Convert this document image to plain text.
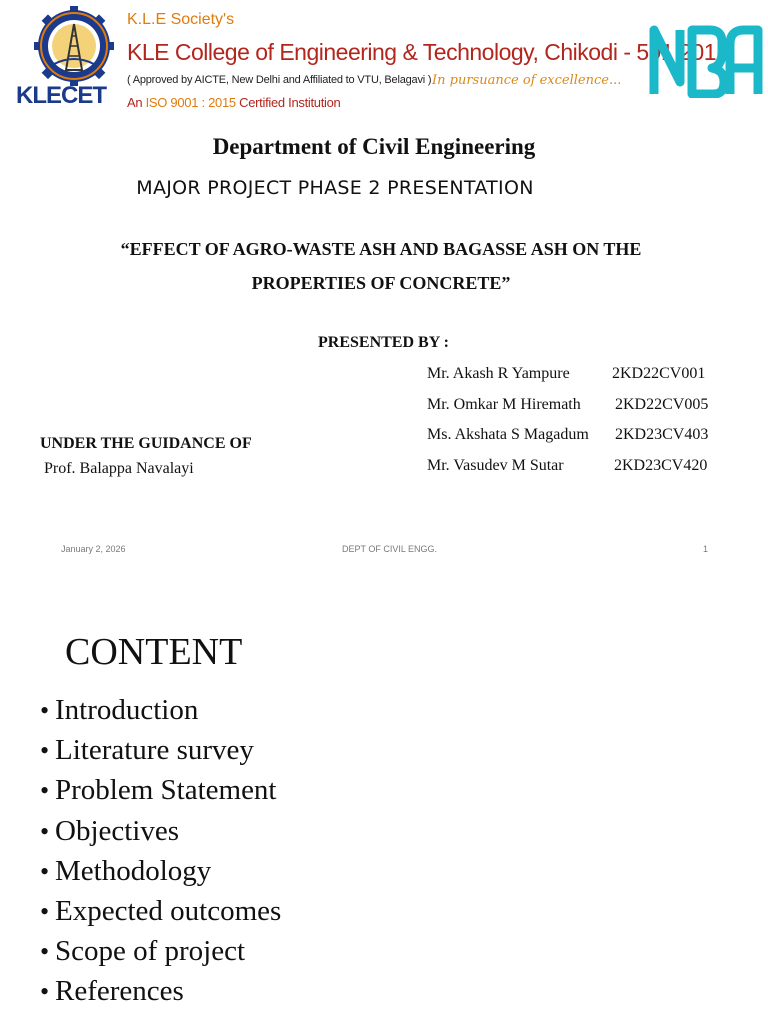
KLECET
K.L.E Society's
KLE College of Engineering & Technology, Chikodi - 591 201
( Approved by AICTE, New Delhi and Affiliated to VTU, Belagavi )
An ISO 9001 : 2015 Certified Institution
In pursuance of excellence...
Department of Civil Engineering
MAJOR PROJECT PHASE 2 PRESENTATION
“EFFECT OF AGRO-WASTE ASH AND BAGASSE ASH ON THE
PROPERTIES OF CONCRETE”
PRESENTED BY :
Mr. Akash R Yampure	2KD22CV001
Mr. Omkar M Hiremath 2KD22CV005
Ms. Akshata S Magadum 2KD23CV403
Mr. Vasudev M Sutar	2KD23CV420
UNDER THE GUIDANCE OF
Prof. Balappa Navalayi
January 2, 2026	DEPT OF CIVIL ENGG.	1
CONTENT
• Introduction
• Literature survey
• Problem Statement
• Objectives
• Methodology
• Expected outcomes
• Scope of project
• References
